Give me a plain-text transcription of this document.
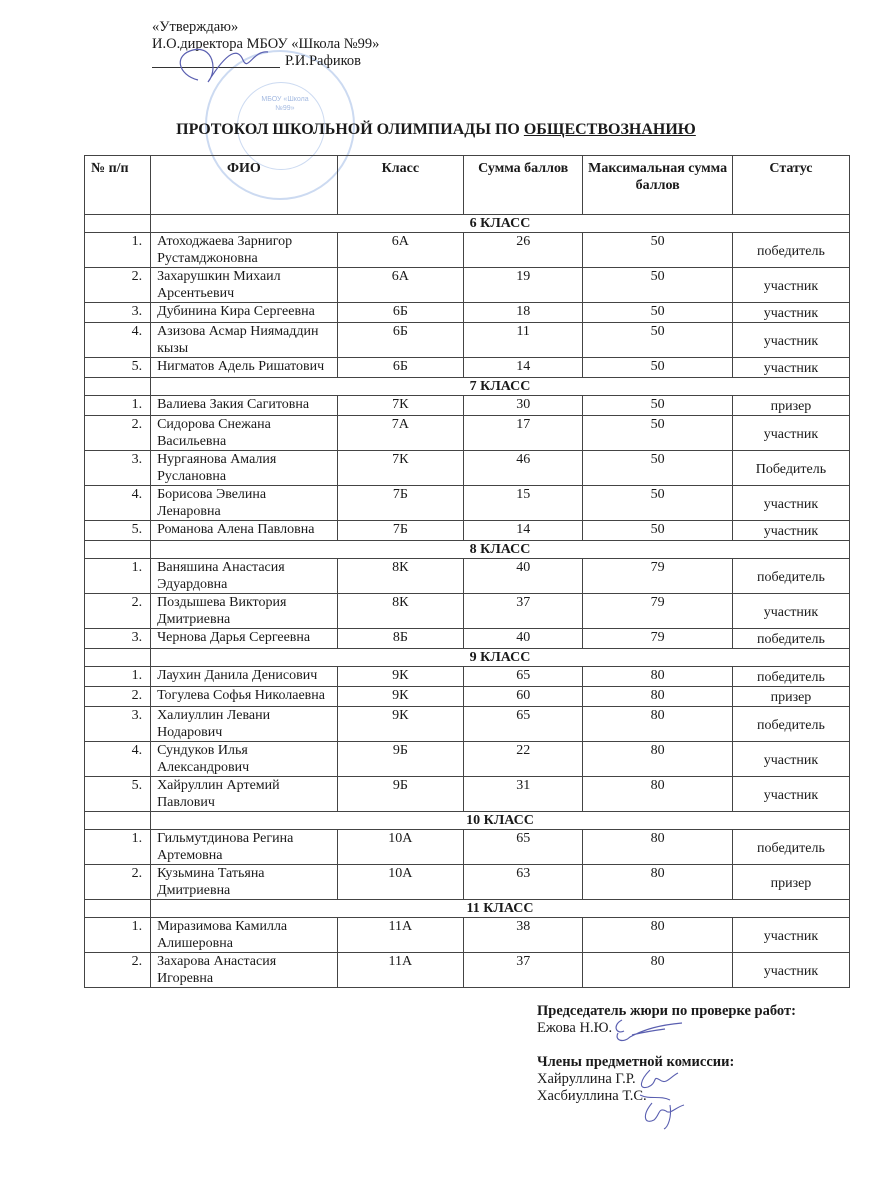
МБОУ «Школа №99»
«Утверждаю»
И.О.директора МБОУ «Школа №99»
Р.И.Рафиков
ПРОТОКОЛ ШКОЛЬНОЙ ОЛИМПИАДЫ ПО ОБЩЕСТВОЗНАНИЮ
№ п/п	ФИО	Класс	Сумма баллов	Максимальная сумма баллов	Статус
	6 КЛАСС				
1.	Атоходжаева Зарнигор Рустамджоновна	6А	26	50	победитель
2.	Захарушкин Михаил Арсентьевич	6А	19	50	участник
3.	Дубинина Кира Сергеевна	6Б	18	50	участник
4.	Азизова Асмар Ниямаддин кызы	6Б	11	50	участник
5.	Нигматов Адель Ришатович	6Б	14	50	участник
	7 КЛАСС				
1.	Валиева Закия Сагитовна	7К	30	50	призер
2.	Сидорова Снежана Васильевна	7А	17	50	участник
3.	Нургаянова Амалия Руслановна	7К	46	50	Победитель
4.	Борисова Эвелина Ленаровна	7Б	15	50	участник
5.	Романова Алена Павловна	7Б	14	50	участник
	8 КЛАСС				
1.	Ваняшина Анастасия Эдуардовна	8К	40	79	победитель
2.	Поздышева Виктория Дмитриевна	8К	37	79	участник
3.	Чернова Дарья Сергеевна	8Б	40	79	победитель
	9 КЛАСС				
1.	Лаухин Данила Денисович	9К	65	80	победитель
2.	Тогулева Софья Николаевна	9К	60	80	призер
3.	Халиуллин Левани Нодарович	9К	65	80	победитель
4.	Сундуков Илья Александрович	9Б	22	80	участник
5.	Хайруллин Артемий Павлович	9Б	31	80	участник
	10 КЛАСС				
1.	Гильмутдинова Регина Артемовна	10А	65	80	победитель
2.	Кузьмина Татьяна Дмитриевна	10А	63	80	призер
	11 КЛАСС				
1.	Миразимова Камилла Алишеровна	11А	38	80	участник
2.	Захарова Анастасия Игоревна	11А	37	80	участник
Председатель жюри по проверке работ:
Ежова Н.Ю.
Члены предметной комиссии:
Хайруллина Г.Р.
Хасбиуллина Т.С.
